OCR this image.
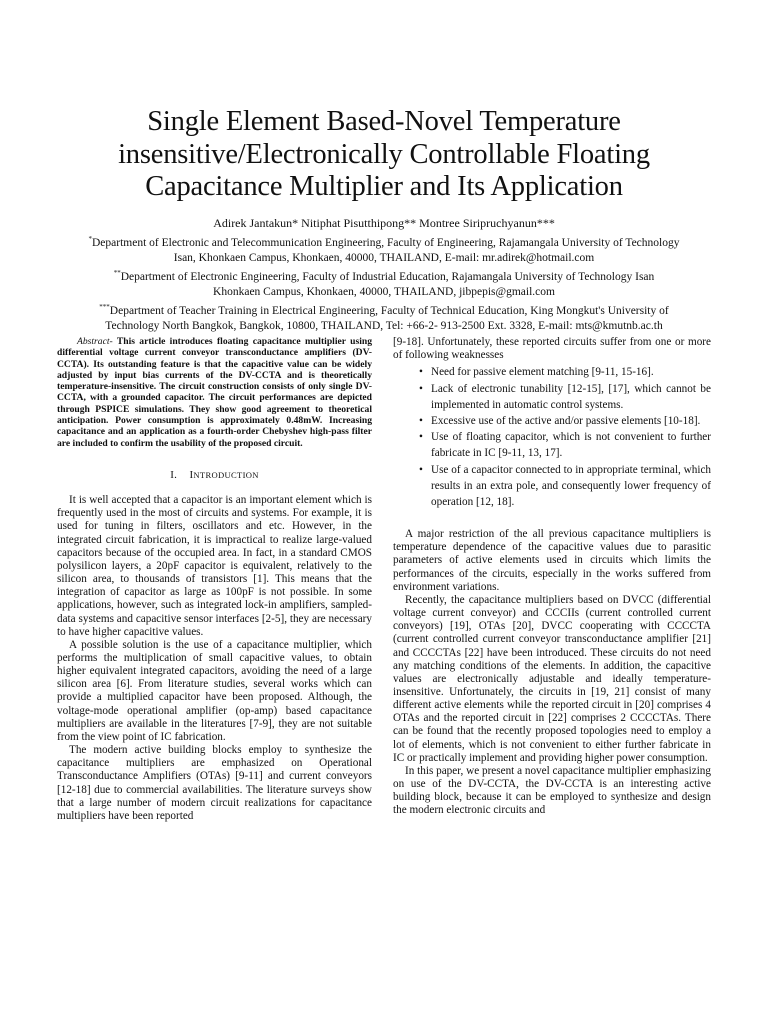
Single Element Based-Novel Temperature
insensitive/Electronically Controllable Floating
Capacitance Multiplier and Its Application
Adirek Jantakun* Nitiphat Pisutthipong** Montree Siripruchyanun***
*Department of Electronic and Telecommunication Engineering, Faculty of Engineering, Rajamangala University of Technology
Isan, Khonkaen Campus, Khonkaen, 40000, THAILAND, E-mail: mr.adirek@hotmail.com
**Department of Electronic Engineering, Faculty of Industrial Education, Rajamangala University of Technology Isan
Khonkaen Campus, Khonkaen, 40000, THAILAND, jibpepis@gmail.com
***Department of Teacher Training in Electrical Engineering, Faculty of Technical Education, King Mongkut's University of
Technology North Bangkok, Bangkok, 10800, THAILAND, Tel: +66-2- 913-2500 Ext. 3328, E-mail: mts@kmutnb.ac.th

Abstract- This article introduces floating capacitance multiplier using differential voltage current conveyor transconductance amplifiers (DV-CCTA). Its outstanding feature is that the capacitive value can be widely adjusted by input bias currents of the DV-CCTA and is theoretically temperature-insensitive. The circuit construction consists of only single DV-CCTA, with a grounded capacitor. The circuit performances are depicted through PSPICE simulations. They show good agreement to theoretical anticipation. Power consumption is approximately 0.48mW. Increasing capacitance and an application as a fourth-order Chebyshev high-pass filter are included to confirm the usability of the proposed circuit.

I. INTRODUCTION

It is well accepted that a capacitor is an important element which is frequently used in the most of circuits and systems. For example, it is used for tuning in filters, oscillators and etc. However, in the integrated circuit fabrication, it is impractical to realize large-valued capacitors because of the occupied area. In fact, in a standard CMOS polysilicon layers, a 20pF capacitor is equivalent, relatively to the silicon area, to thousands of transistors [1]. This means that the integration of capacitor as large as 100pF is not possible. In some applications, however, such as integrated lock-in amplifiers, sampled-data systems and capacitive sensor interfaces [2-5], they are necessary to have higher capacitive values.

A possible solution is the use of a capacitance multiplier, which performs the multiplication of small capacitive values, to obtain higher equivalent integrated capacitors, avoiding the need of a large silicon area [6]. From literature studies, several works which can provide a multiplied capacitor have been proposed. Although, the voltage-mode operational amplifier (op-amp) based capacitance multipliers are available in the literatures [7-9], they are not suitable from the view point of IC fabrication.

The modern active building blocks employ to synthesize the capacitance multipliers are emphasized on Operational Transconductance Amplifiers (OTAs) [9-11] and current conveyors [12-18] due to commercial availabilities. The literature surveys show that a large number of modern circuit realizations for capacitance multipliers have been reported

[9-18]. Unfortunately, these reported circuits suffer from one or more of following weaknesses

• Need for passive element matching [9-11, 15-16].
• Lack of electronic tunability [12-15], [17], which cannot be implemented in automatic control systems.
• Excessive use of the active and/or passive elements [10-18].
• Use of floating capacitor, which is not convenient to further fabricate in IC [9-11, 13, 17].
• Use of a capacitor connected to in appropriate terminal, which results in an extra pole, and consequently lower frequency of operation [12, 18].

A major restriction of the all previous capacitance multipliers is temperature dependence of the capacitive values due to parasitic parameters of active elements used in circuits which limits the performances of the circuits, especially in the works suffered from environment variations.

Recently, the capacitance multipliers based on DVCC (differential voltage current conveyor) and CCCIIs (current controlled current conveyors) [19], OTAs [20], DVCC cooperating with CCCCTA (current controlled current conveyor transconductance amplifier [21] and CCCCTAs [22] have been introduced. These circuits do not need any matching conditions of the elements. In addition, the capacitive values are electronically adjustable and ideally temperature-insensitive. Unfortunately, the circuits in [19, 21] consist of many different active elements while the reported circuit in [20] comprises 4 OTAs and the reported circuit in [22] comprises 2 CCCCTAs. There can be found that the recently proposed topologies need to employ a lot of elements, which is not convenient to either further fabricate in IC or practically implement and providing higher power consumption.

In this paper, we present a novel capacitance multiplier emphasizing on use of the DV-CCTA, the DV-CCTA is an interesting active building block, because it can be employed to synthesize and design the modern electronic circuits and
